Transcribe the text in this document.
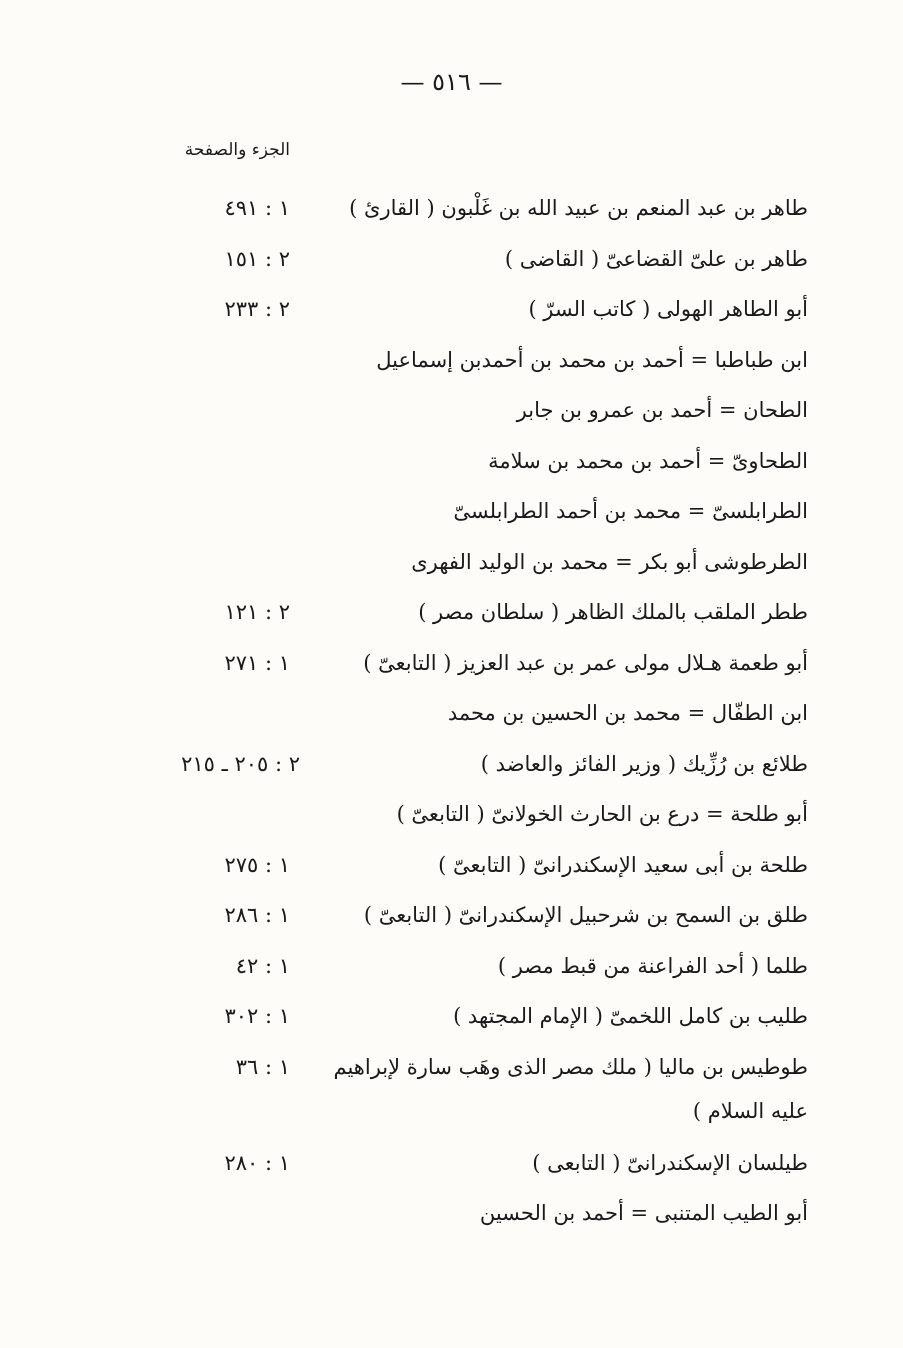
— ٥١٦ —
الجزء والصفحة
طاهر بن عبد المنعم بن عبيد الله بن غَلْبون ( القارئ )
١ : ٤٩١
طاهر بن علىّ القضاعىّ ( القاضى )
٢ : ١٥١
أبو الطاهر الهولى ( كاتب السرّ )
٢ : ٢٣٣
ابن طباطبا = أحمد بن محمد بن أحمدبن إسماعيل
الطحان = أحمد بن عمرو بن جابر
الطحاوىّ = أحمد بن محمد بن سلامة
الطرابلسىّ = محمد بن أحمد الطرابلسىّ
الطرطوشى أبو بكر = محمد بن الوليد الفهرى
ططر الملقب بالملك الظاهر ( سلطان مصر )
٢ : ١٢١
أبو طعمة هـلال مولى عمر بن عبد العزيز ( التابعىّ )
١ : ٢٧١
ابن الطفّال = محمد بن الحسين بن محمد
طلائع بن رُزِّيك ( وزير الفائز والعاضد )
٢ : ٢٠٥ ـ ٢١٥
أبو طلحة = درع بن الحارث الخولانىّ ( التابعىّ )
طلحة بن أبى سعيد الإسكندرانىّ ( التابعىّ )
١ : ٢٧٥
طلق بن السمح بن شرحبيل الإسكندرانىّ ( التابعىّ )
١ : ٢٨٦
طلما ( أحد الفراعنة من قبط مصر )
١ : ٤٢
طليب بن كامل اللخمىّ ( الإمام المجتهد )
١ : ٣٠٢
طوطيس بن ماليا ( ملك مصر الذى وهَب سارة لإبراهيم عليه السلام )
١ : ٣٦
طيلسان الإسكندرانىّ ( التابعى )
١ : ٢٨٠
أبو الطيب المتنبى = أحمد بن الحسين
